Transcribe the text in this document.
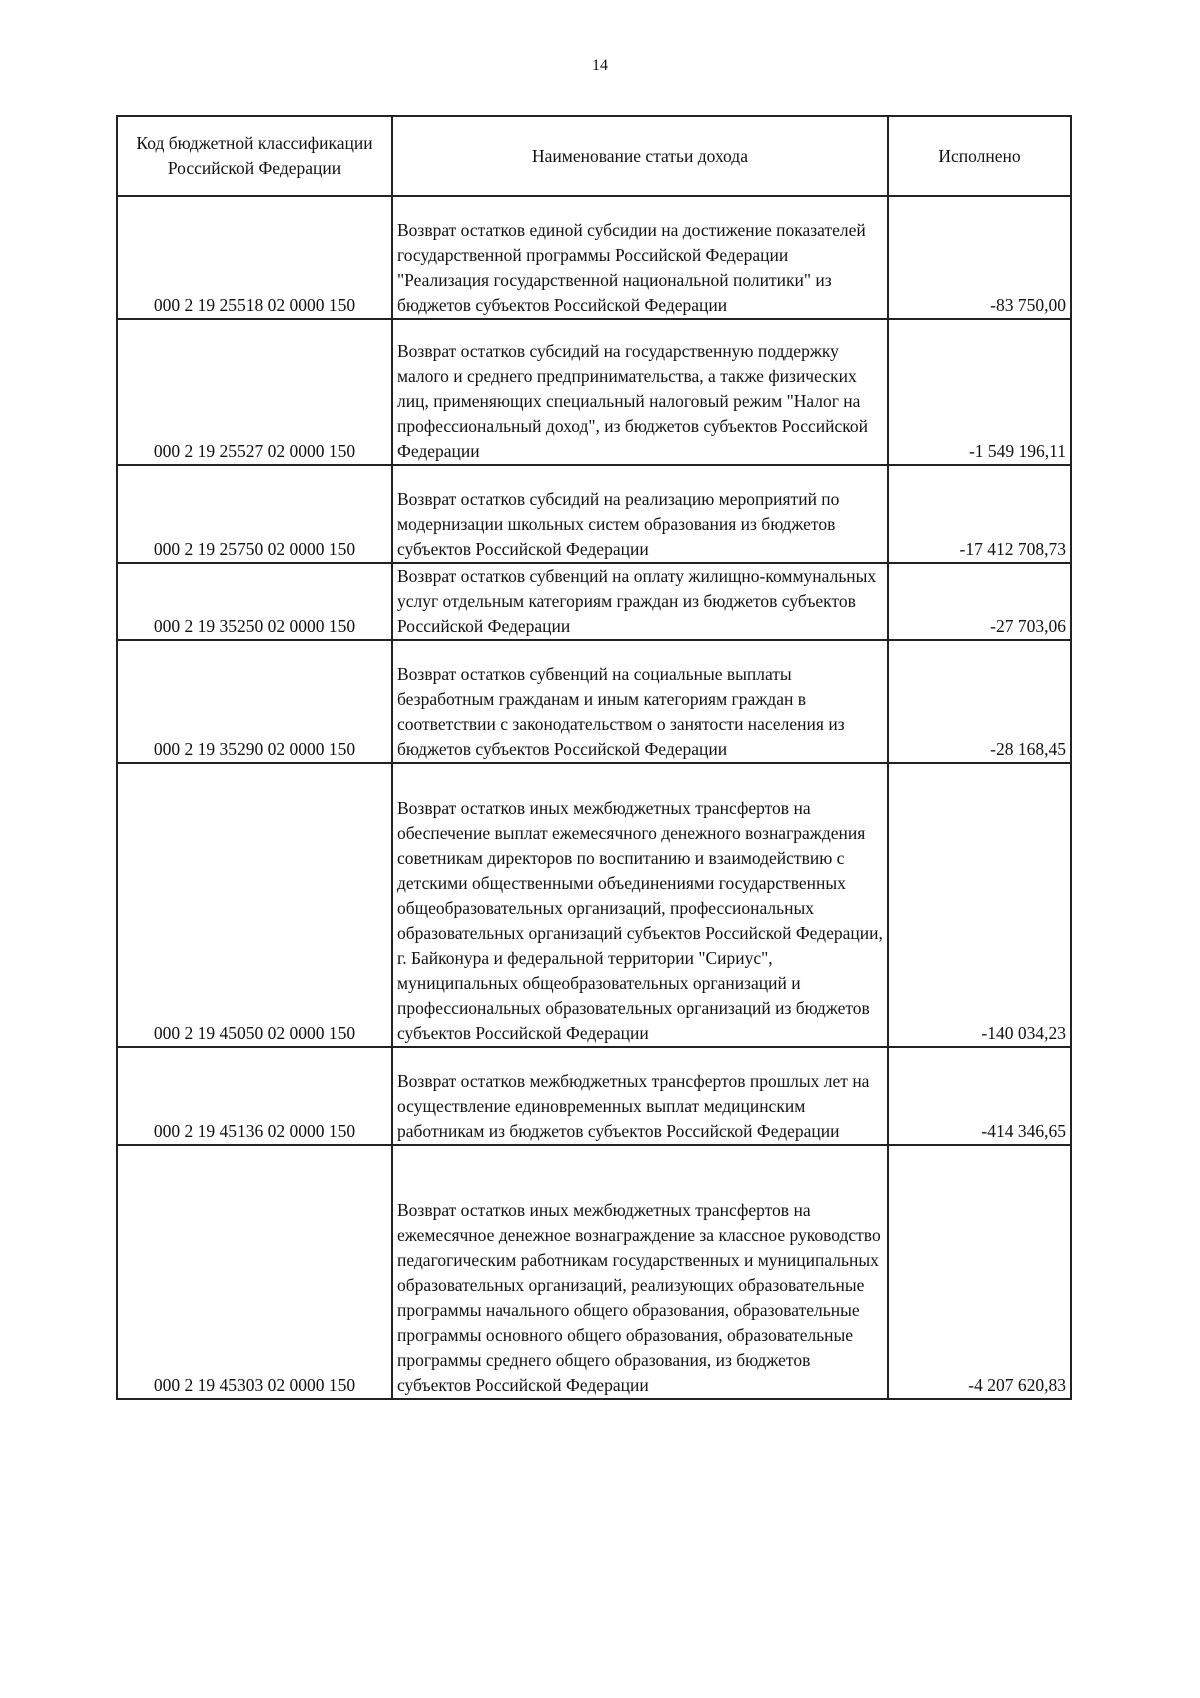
14
Код бюджетной классификации Российской Федерации	Наименование статьи дохода	Исполнено
000 2 19 25518 02 0000 150	Возврат остатков единой субсидии на достижение показателей государственной программы Российской Федерации "Реализация государственной национальной политики" из бюджетов субъектов Российской Федерации	-83 750,00
000 2 19 25527 02 0000 150	Возврат остатков субсидий на государственную поддержку малого и среднего предпринимательства, а также физических лиц, применяющих специальный налоговый режим "Налог на профессиональный доход", из бюджетов субъектов Российской Федерации	-1 549 196,11
000 2 19 25750 02 0000 150	Возврат остатков субсидий на реализацию мероприятий по модернизации школьных систем образования из бюджетов субъектов Российской Федерации	-17 412 708,73
000 2 19 35250 02 0000 150	Возврат остатков субвенций на оплату жилищно-коммунальных услуг отдельным категориям граждан из бюджетов субъектов Российской Федерации	-27 703,06
000 2 19 35290 02 0000 150	Возврат остатков субвенций на социальные выплаты безработным гражданам и иным категориям граждан в соответствии с законодательством о занятости населения из бюджетов субъектов Российской Федерации	-28 168,45
000 2 19 45050 02 0000 150	Возврат остатков иных межбюджетных трансфертов на обеспечение выплат ежемесячного денежного вознаграждения советникам директоров по воспитанию и взаимодействию с детскими общественными объединениями государственных общеобразовательных организаций, профессиональных образовательных организаций субъектов Российской Федерации, г. Байконура и федеральной территории "Сириус", муниципальных общеобразовательных организаций и профессиональных образовательных организаций из бюджетов субъектов Российской Федерации	-140 034,23
000 2 19 45136 02 0000 150	Возврат остатков межбюджетных трансфертов прошлых лет на осуществление единовременных выплат медицинским работникам из бюджетов субъектов Российской Федерации	-414 346,65
000 2 19 45303 02 0000 150	Возврат остатков иных межбюджетных трансфертов на ежемесячное денежное вознаграждение за классное руководство педагогическим работникам государственных и муниципальных образовательных организаций, реализующих образовательные программы начального общего образования, образовательные программы основного общего образования, образовательные программы среднего общего образования, из бюджетов субъектов Российской Федерации	-4 207 620,83
